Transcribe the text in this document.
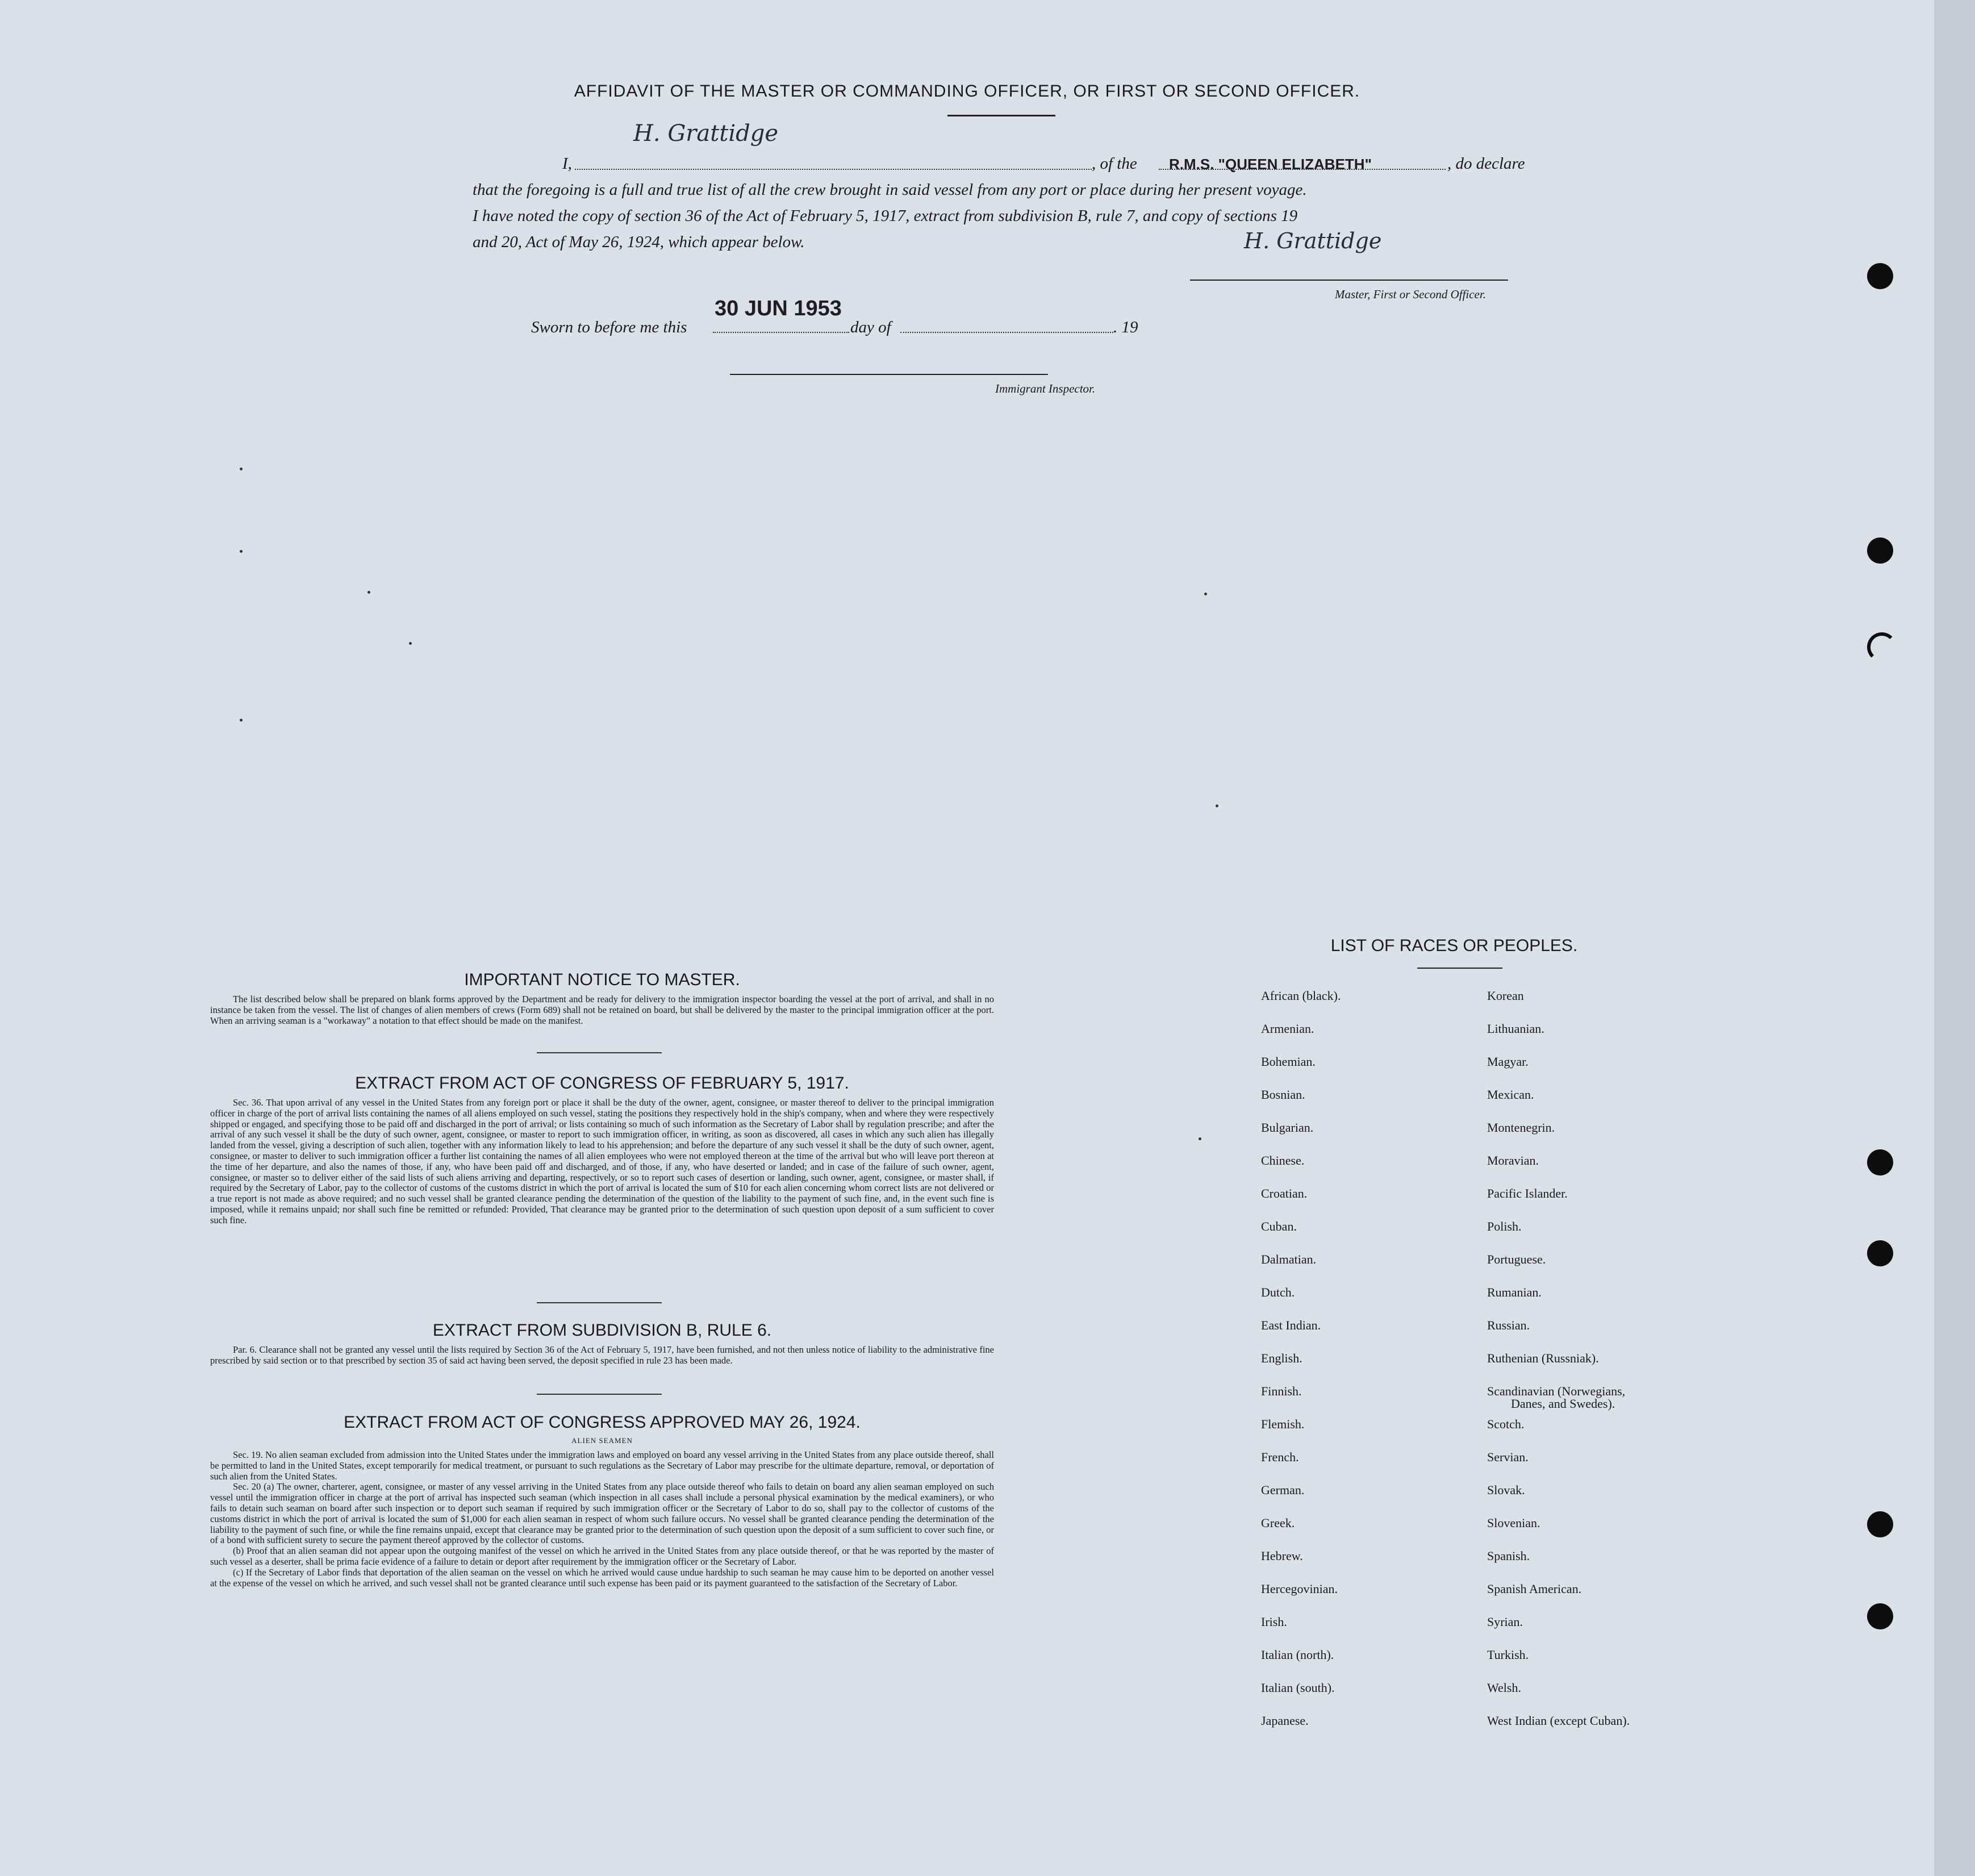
AFFIDAVIT OF THE MASTER OR COMMANDING OFFICER, OR FIRST OR SECOND OFFICER.
H. Grattidge
I,	, of the R.M.S. "QUEEN ELIZABETH"	, do declare
that the foregoing is a full and true list of all the crew brought in said vessel from any port or place during her present voyage.
I have noted the copy of section 36 of the Act of February 5, 1917, extract from subdivision B, rule 7, and copy of sections 19
and 20, Act of May 26, 1924, which appear below.	H. Grattidge
Master, First or Second Officer.
Sworn to before me this
30 JUN 1953
day of	. 19
Immigrant Inspector.
IMPORTANT NOTICE TO MASTER.

The list described below shall be prepared on blank forms approved by the Department and be ready for delivery to the immigration inspector boarding the vessel at the port of arrival, and shall in no instance be taken from the vessel. The list of changes of alien members of crews (Form 689) shall not be retained on board, but shall be delivered by the master to the principal immigration officer at the port. When an arriving seaman is a "workaway" a notation to that effect should be made on the manifest.

EXTRACT FROM ACT OF CONGRESS OF FEBRUARY 5, 1917.

Sec. 36. That upon arrival of any vessel in the United States from any foreign port or place it shall be the duty of the owner, agent, consignee, or master thereof to deliver to the principal immigration officer in charge of the port of arrival lists containing the names of all aliens employed on such vessel, stating the positions they respectively hold in the ship's company, when and where they were respectively shipped or engaged, and specifying those to be paid off and discharged in the port of arrival; or lists containing so much of such information as the Secretary of Labor shall by regulation prescribe; and after the arrival of any such vessel it shall be the duty of such owner, agent, consignee, or master to report to such immigration officer, in writing, as soon as discovered, all cases in which any such alien has illegally landed from the vessel, giving a description of such alien, together with any information likely to lead to his apprehension; and before the departure of any such vessel it shall be the duty of such owner, agent, consignee, or master to deliver to such immigration officer a further list containing the names of all alien employees who were not employed thereon at the time of the arrival but who will leave port thereon at the time of her departure, and also the names of those, if any, who have been paid off and discharged, and of those, if any, who have deserted or landed; and in case of the failure of such owner, agent, consignee, or master so to deliver either of the said lists of such aliens arriving and departing, respectively, or so to report such cases of desertion or landing, such owner, agent, consignee, or master shall, if required by the Secretary of Labor, pay to the collector of customs of the customs district in which the port of arrival is located the sum of $10 for each alien concerning whom correct lists are not delivered or a true report is not made as above required; and no such vessel shall be granted clearance pending the determination of the question of the liability to the payment of such fine, and, in the event such fine is imposed, while it remains unpaid; nor shall such fine be remitted or refunded: Provided, That clearance may be granted prior to the determination of such question upon deposit of a sum sufficient to cover such fine.

EXTRACT FROM SUBDIVISION B, RULE 6.

Par. 6. Clearance shall not be granted any vessel until the lists required by Section 36 of the Act of February 5, 1917, have been furnished, and not then unless notice of liability to the administrative fine prescribed by said section or to that prescribed by section 35 of said act having been served, the deposit specified in rule 23 has been made.

EXTRACT FROM ACT OF CONGRESS APPROVED MAY 26, 1924.
ALIEN SEAMEN

Sec. 19. No alien seaman excluded from admission into the United States under the immigration laws and employed on board any vessel arriving in the United States from any place outside thereof, shall be permitted to land in the United States, except temporarily for medical treatment, or pursuant to such regulations as the Secretary of Labor may prescribe for the ultimate departure, removal, or deportation of such alien from the United States.

Sec. 20 (a) The owner, charterer, agent, consignee, or master of any vessel arriving in the United States from any place outside thereof who fails to detain on board any alien seaman employed on such vessel until the immigration officer in charge at the port of arrival has inspected such seaman (which inspection in all cases shall include a personal physical examination by the medical examiners), or who fails to detain such seaman on board after such inspection or to deport such seaman if required by such immigration officer or the Secretary of Labor to do so, shall pay to the collector of customs of the customs district in which the port of arrival is located the sum of $1,000 for each alien seaman in respect of whom such failure occurs. No vessel shall be granted clearance pending the determination of the liability to the payment of such fine, or while the fine remains unpaid, except that clearance may be granted prior to the determination of such question upon the deposit of a sum sufficient to cover such fine, or of a bond with sufficient surety to secure the payment thereof approved by the collector of customs.

(b) Proof that an alien seaman did not appear upon the outgoing manifest of the vessel on which he arrived in the United States from any place outside thereof, or that he was reported by the master of such vessel as a deserter, shall be prima facie evidence of a failure to detain or deport after requirement by the immigration officer or the Secretary of Labor.

(c) If the Secretary of Labor finds that deportation of the alien seaman on the vessel on which he arrived would cause undue hardship to such seaman he may cause him to be deported on another vessel at the expense of the vessel on which he arrived, and such vessel shall not be granted clearance until such expense has been paid or its payment guaranteed to the satisfaction of the Secretary of Labor.

LIST OF RACES OR PEOPLES.
African (black).
Armenian.
Bohemian.
Bosnian.
Bulgarian.
Chinese.
Croatian.
Cuban.
Dalmatian.
Dutch.
East Indian.
English.
Finnish.
Flemish.
French.
German.
Greek.
Hebrew.
Hercegovinian.
Irish.
Italian (north).
Italian (south).
Japanese.
Korean
Lithuanian.
Magyar.
Mexican.
Montenegrin.
Moravian.
Pacific Islander.
Polish.
Portuguese.
Rumanian.
Russian.
Ruthenian (Russniak).
Scandinavian (Norwegians,
Danes, and Swedes).
Scotch.
Servian.
Slovak.
Slovenian.
Spanish.
Spanish American.
Syrian.
Turkish.
Welsh.
West Indian (except Cuban).
